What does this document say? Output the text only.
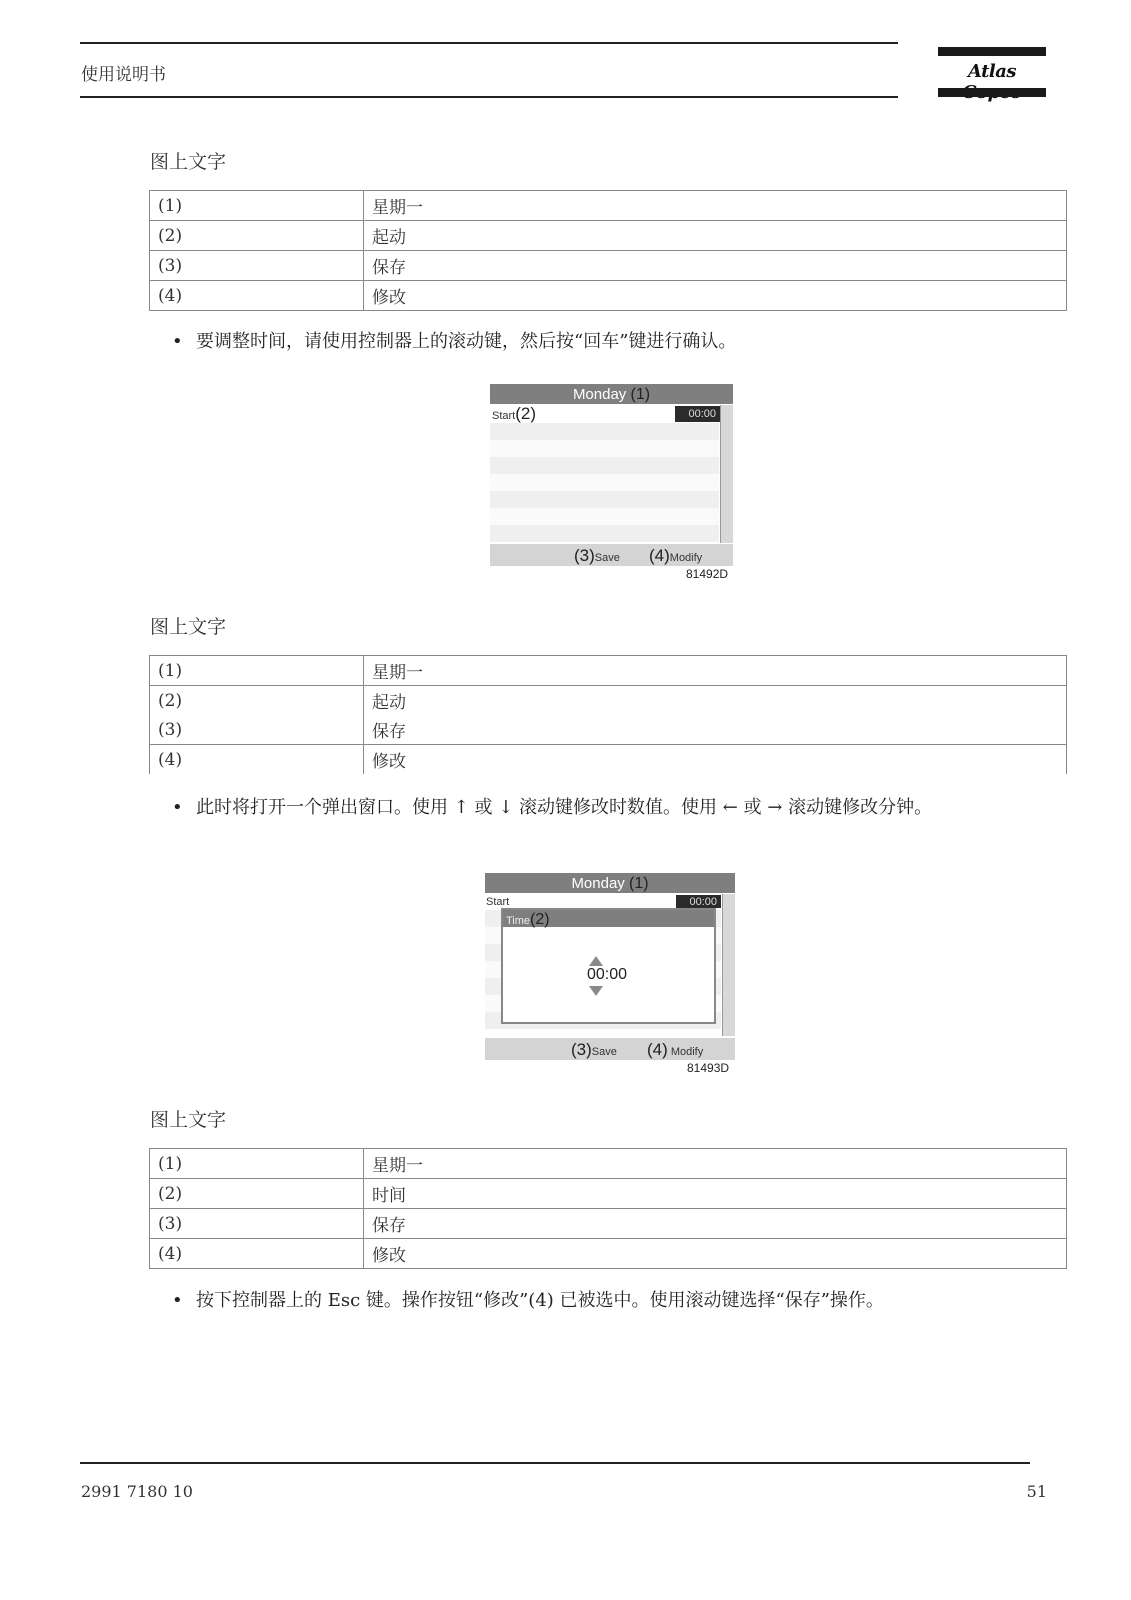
使用说明书	Atlas
图上文字
(1)	星期一
(2)	起动
(3)	保存
(4)	修改
• 要调整时间，请使用控制器上的滚动键，然后按“回车”键进行确认。
Monday (1)
Start(2)	00:00
(3)Save (4)Modify
81492D
图上文字
(1)	星期一
(2)	起动
(3)	保存
(4)	修改
• 此时将打开一个弹出窗口。使用 ↑ 或 ↓ 滚动键修改时数值。使用 ← 或 → 滚动键修改分钟。
Monday (1)
Start	00:00
Time(2)
00:00
(3)Save (4) Modify
81493D
图上文字
(1)	星期一
(2)	时间
(3)	保存
(4)	修改
• 按下控制器上的 Esc 键。操作按钮“修改”(4) 已被选中。使用滚动键选择“保存”操作。
2991 7180 10	51
